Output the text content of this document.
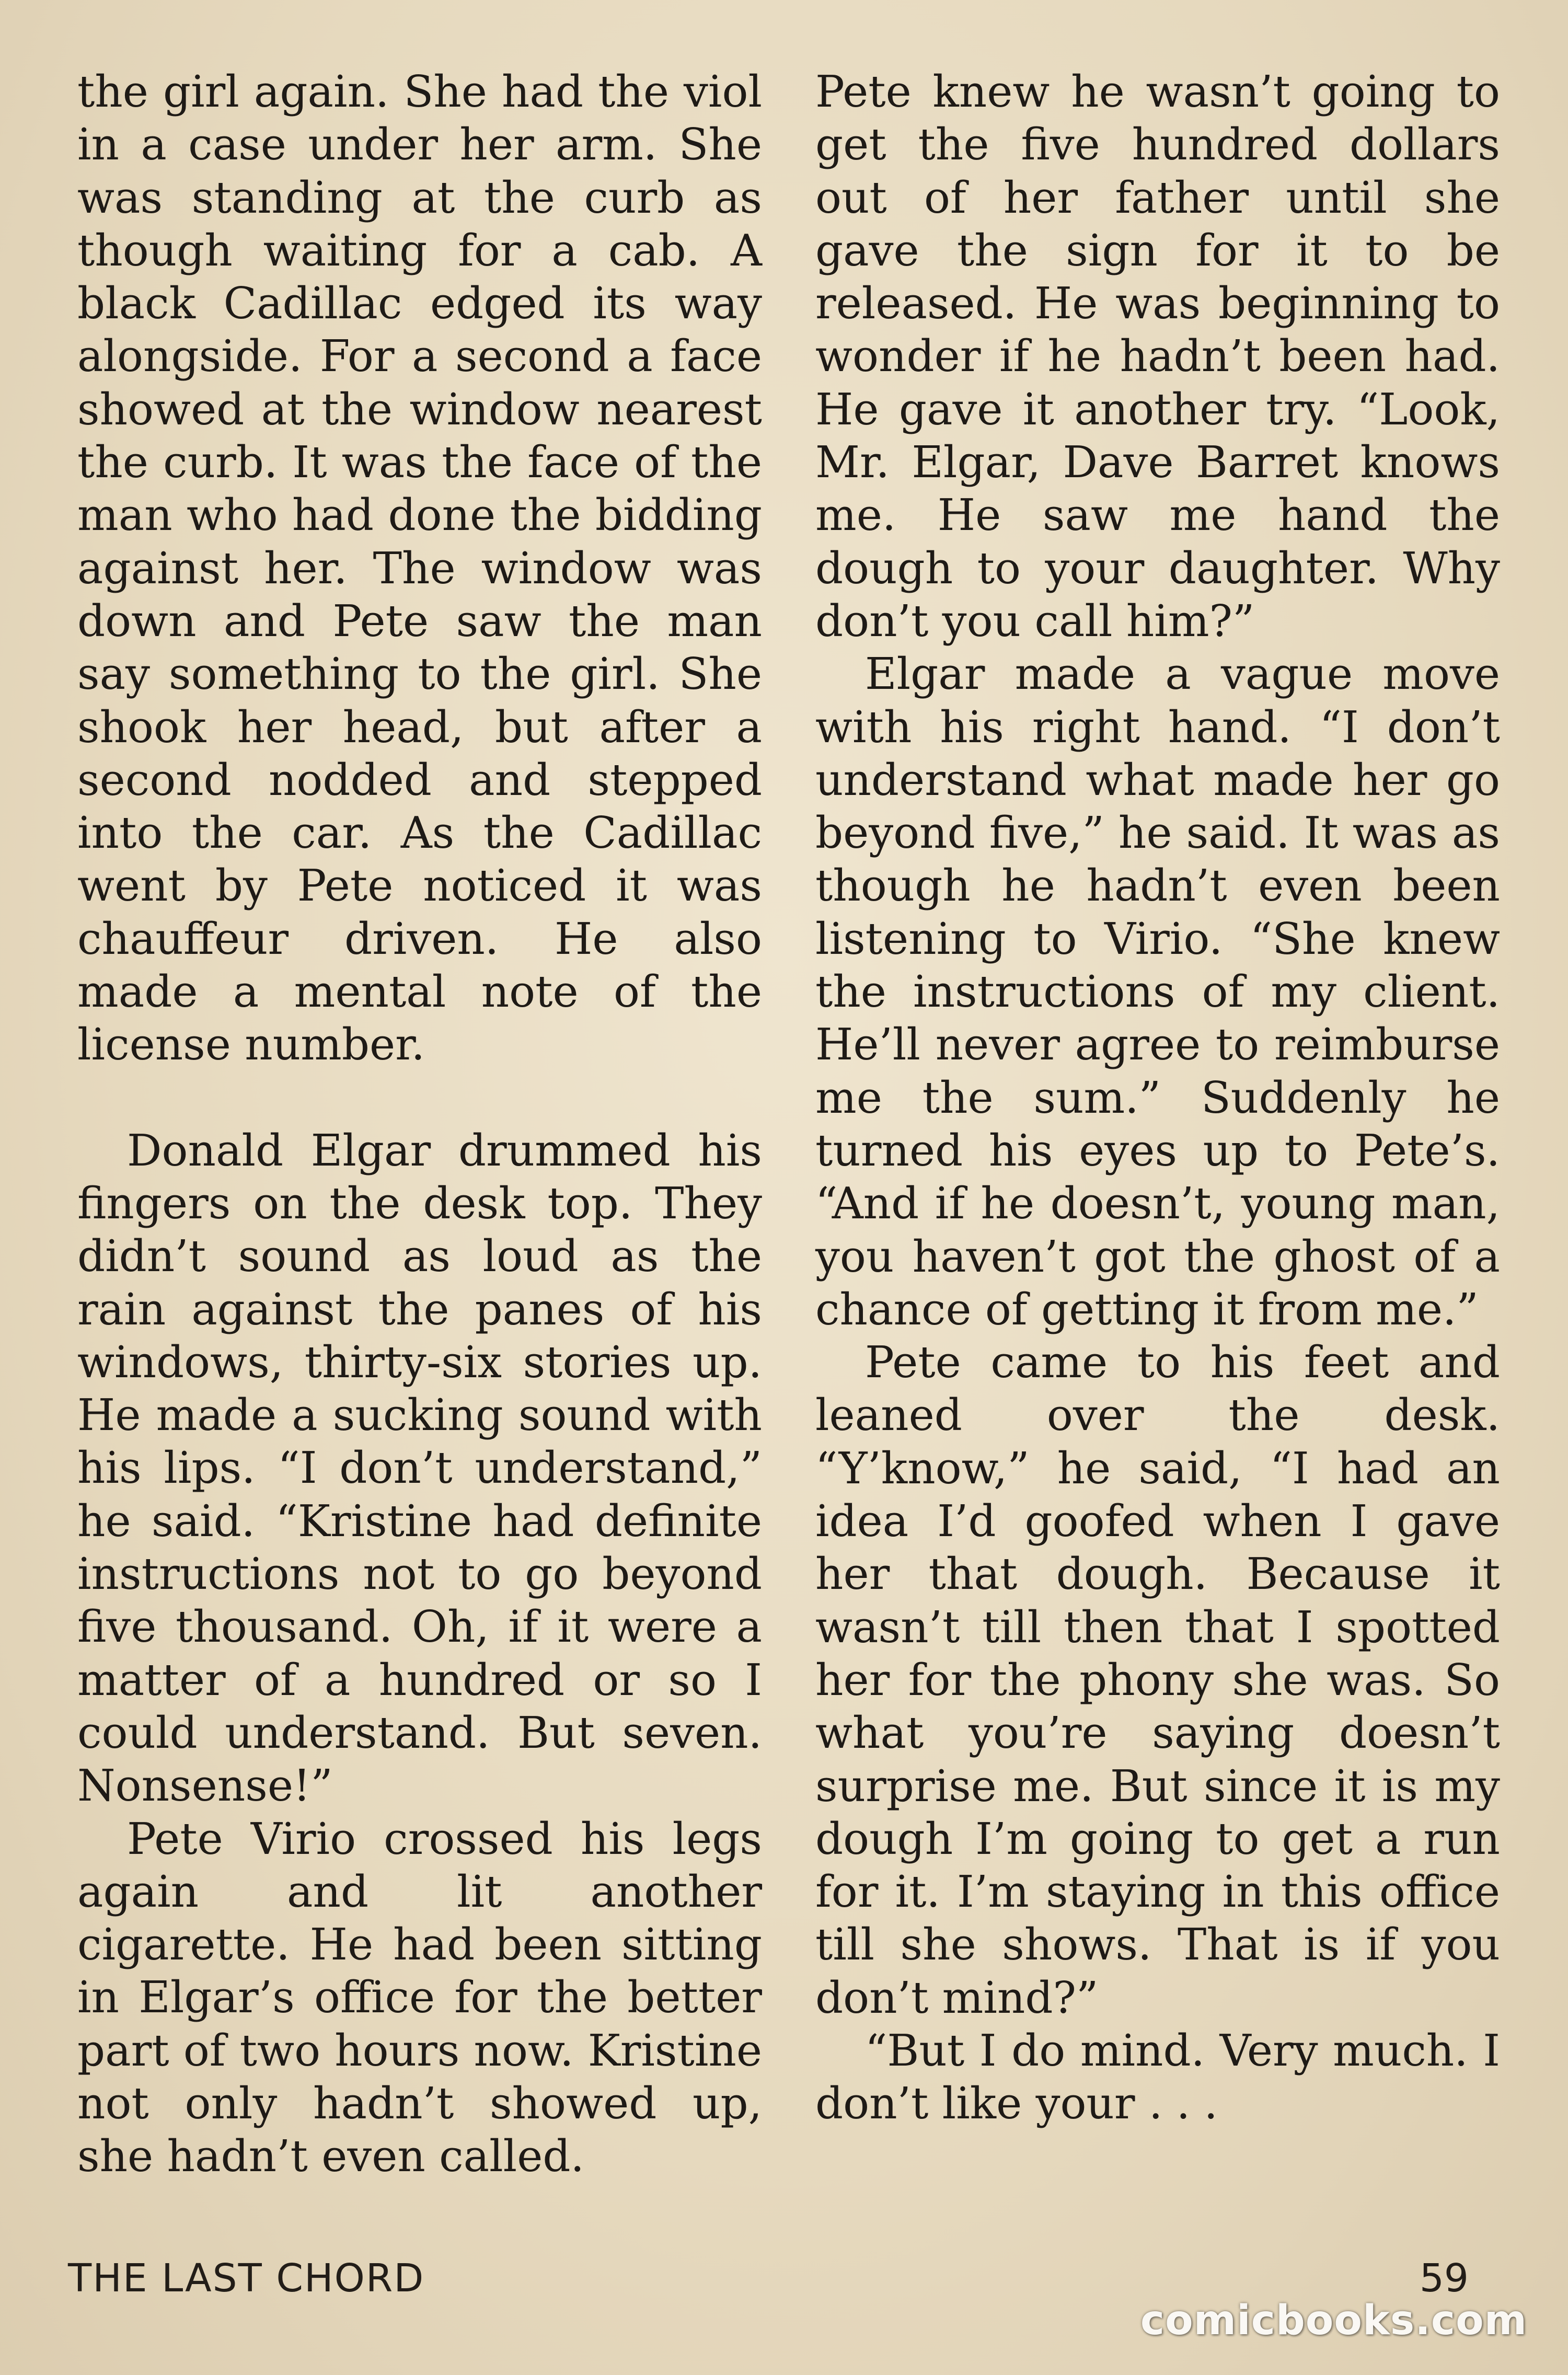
the girl again. She had the viol in a case under her arm. She was standing at the curb as though waiting for a cab. A black Cadillac edged its way alongside. For a second a face showed at the window nearest the curb. It was the face of the man who had done the bidding against her. The window was down and Pete saw the man say something to the girl. She shook her head, but after a second nodded and stepped into the car. As the Cadillac went by Pete noticed it was chauffeur driven. He also made a mental note of the license number.

Donald Elgar drummed his fingers on the desk top. They didn’t sound as loud as the rain against the panes of his windows, thirty-six stories up. He made a sucking sound with his lips. “I don’t understand,” he said. “Kristine had definite instructions not to go beyond five thousand. Oh, if it were a matter of a hundred or so I could understand. But seven. Nonsense!”

Pete Virio crossed his legs again and lit another cigarette. He had been sitting in Elgar’s office for the better part of two hours now. Kristine not only hadn’t showed up, she hadn’t even called.

Pete knew he wasn’t going to get the five hundred dollars out of her father until she gave the sign for it to be released. He was beginning to wonder if he hadn’t been had. He gave it another try. “Look, Mr. Elgar, Dave Barret knows me. He saw me hand the dough to your daughter. Why don’t you call him?”

Elgar made a vague move with his right hand. “I don’t understand what made her go beyond five,” he said. It was as though he hadn’t even been listening to Virio. “She knew the instructions of my client. He’ll never agree to reimburse me the sum.” Suddenly he turned his eyes up to Pete’s. “And if he doesn’t, young man, you haven’t got the ghost of a chance of getting it from me.”

Pete came to his feet and leaned over the desk. “Y’know,” he said, “I had an idea I’d goofed when I gave her that dough. Because it wasn’t till then that I spotted her for the phony she was. So what you’re saying doesn’t surprise me. But since it is my dough I’m going to get a run for it. I’m staying in this office till she shows. That is if you don’t mind?”

“But I do mind. Very much. I don’t like your . . .

THE LAST CHORD	59
comicbooks.com
